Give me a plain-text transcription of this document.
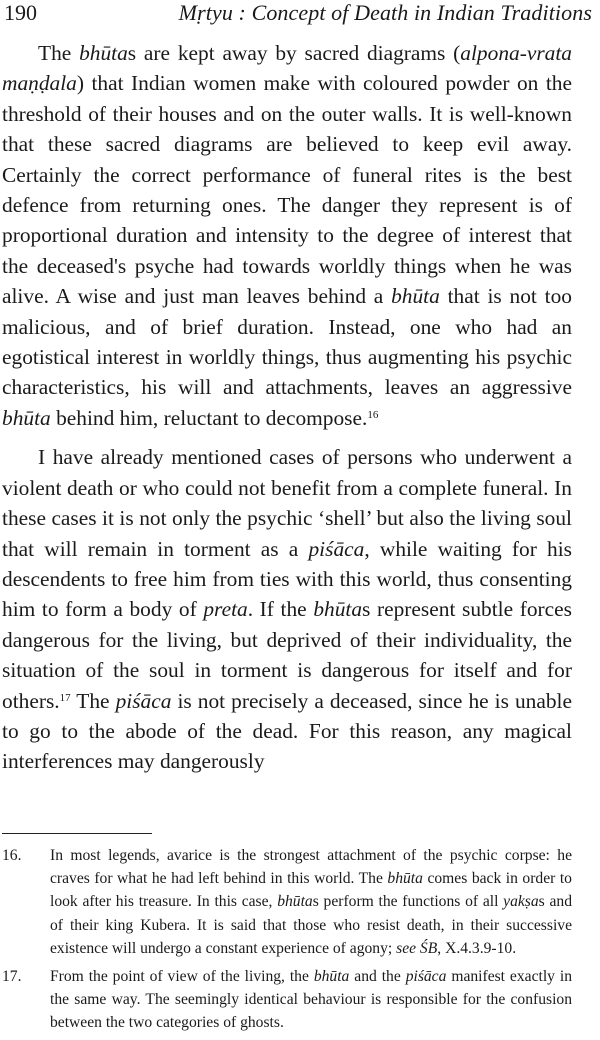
190	Mṛtyu : Concept of Death in Indian Traditions

The bhūtas are kept away by sacred diagrams (alpona-vrata maṇḍala) that Indian women make with coloured powder on the threshold of their houses and on the outer walls. It is well-known that these sacred diagrams are believed to keep evil away. Certainly the correct performance of funeral rites is the best defence from returning ones. The danger they represent is of proportional duration and intensity to the degree of interest that the deceased's psyche had towards worldly things when he was alive. A wise and just man leaves behind a bhūta that is not too malicious, and of brief duration. Instead, one who had an egotistical interest in worldly things, thus augmenting his psychic characteristics, his will and attachments, leaves an aggressive bhūta behind him, reluctant to decompose.$^{16}$

I have already mentioned cases of persons who underwent a violent death or who could not benefit from a complete funeral. In these cases it is not only the psychic ‘shell’ but also the living soul that will remain in torment as a piśāca, while waiting for his descendents to free him from ties with this world, thus consenting him to form a body of preta. If the bhūtas represent subtle forces dangerous for the living, but deprived of their individuality, the situation of the soul in torment is dangerous for itself and for others.$^{17}$ The piśāca is not precisely a deceased, since he is unable to go to the abode of the dead. For this reason, any magical interferences may dangerously

16.	In most legends, avarice is the strongest attachment of the psychic corpse: he craves for what he had left behind in this world. The bhūta comes back in order to look after his treasure. In this case, bhūtas perform the functions of all yakṣas and of their king Kubera. It is said that those who resist death, in their successive existence will undergo a constant experience of agony; see ŚB, X.4.3.9-10.
17.	From the point of view of the living, the bhūta and the piśāca manifest exactly in the same way. The seemingly identical behaviour is responsible for the confusion between the two categories of ghosts.
